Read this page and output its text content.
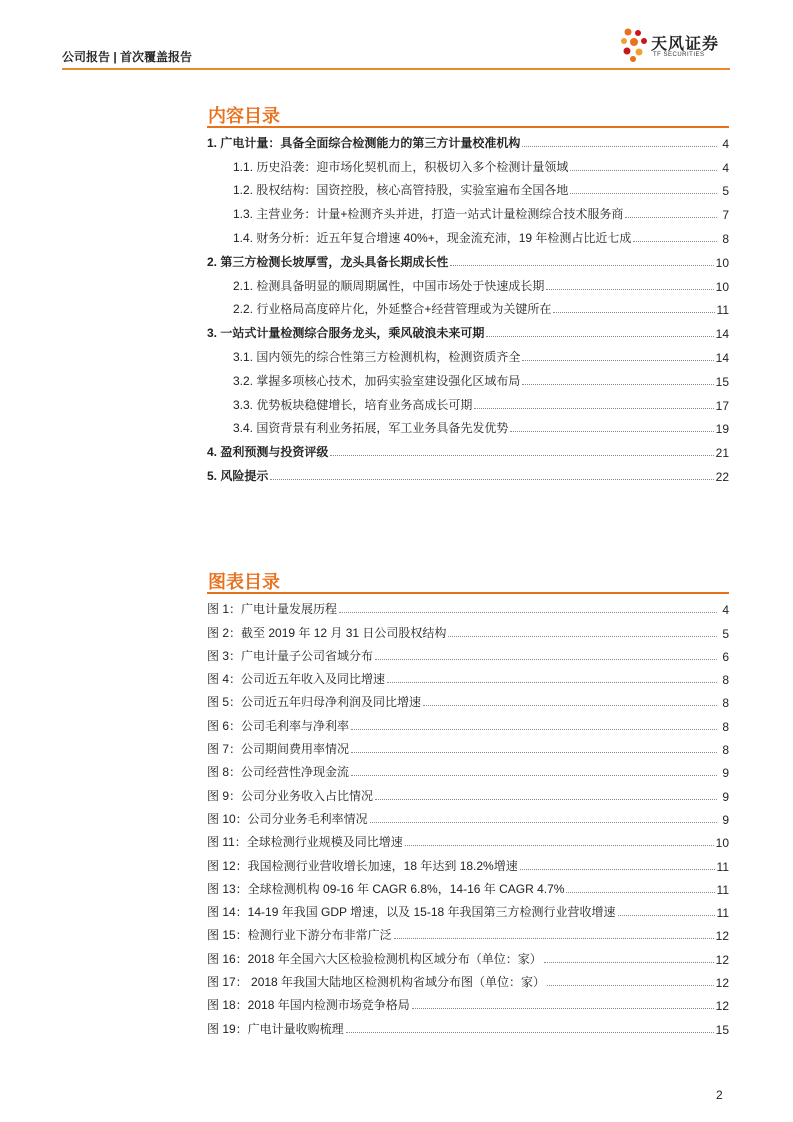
公司报告 | 首次覆盖报告
天风证券
TF SECURITIES
内容目录
1. 广电计量：具备全面综合检测能力的第三方计量校准机构	4
1.1. 历史沿袭：迎市场化契机而上，积极切入多个检测计量领域	4
1.2. 股权结构：国资控股，核心高管持股，实验室遍布全国各地	5
1.3. 主营业务：计量+检测齐头并进，打造一站式计量检测综合技术服务商	7
1.4. 财务分析：近五年复合增速 40%+，现金流充沛，19 年检测占比近七成	8
2. 第三方检测长坡厚雪，龙头具备长期成长性	10
2.1. 检测具备明显的顺周期属性，中国市场处于快速成长期	10
2.2. 行业格局高度碎片化，外延整合+经营管理或为关键所在	11
3. 一站式计量检测综合服务龙头，乘风破浪未来可期	14
3.1. 国内领先的综合性第三方检测机构，检测资质齐全	14
3.2. 掌握多项核心技术，加码实验室建设强化区域布局	15
3.3. 优势板块稳健增长，培育业务高成长可期	17
3.4. 国资背景有利业务拓展，军工业务具备先发优势	19
4. 盈利预测与投资评级	21
5. 风险提示	22
图表目录
图 1：广电计量发展历程	4
图 2：截至 2019 年 12 月 31 日公司股权结构	5
图 3：广电计量子公司省域分布	6
图 4：公司近五年收入及同比增速	8
图 5：公司近五年归母净利润及同比增速	8
图 6：公司毛利率与净利率	8
图 7：公司期间费用率情况	8
图 8：公司经营性净现金流	9
图 9：公司分业务收入占比情况	9
图 10：公司分业务毛利率情况	9
图 11：全球检测行业规模及同比增速	10
图 12：我国检测行业营收增长加速，18 年达到 18.2%增速	11
图 13：全球检测机构 09-16 年 CAGR 6.8%，14-16 年 CAGR 4.7%	11
图 14：14-19 年我国 GDP 增速，以及 15-18 年我国第三方检测行业营收增速	11
图 15：检测行业下游分布非常广泛	12
图 16：2018 年全国六大区检验检测机构区域分布（单位：家）	12
图 17： 2018 年我国大陆地区检测机构省域分布图（单位：家）	12
图 18：2018 年国内检测市场竞争格局	12
图 19：广电计量收购梳理	15
2
